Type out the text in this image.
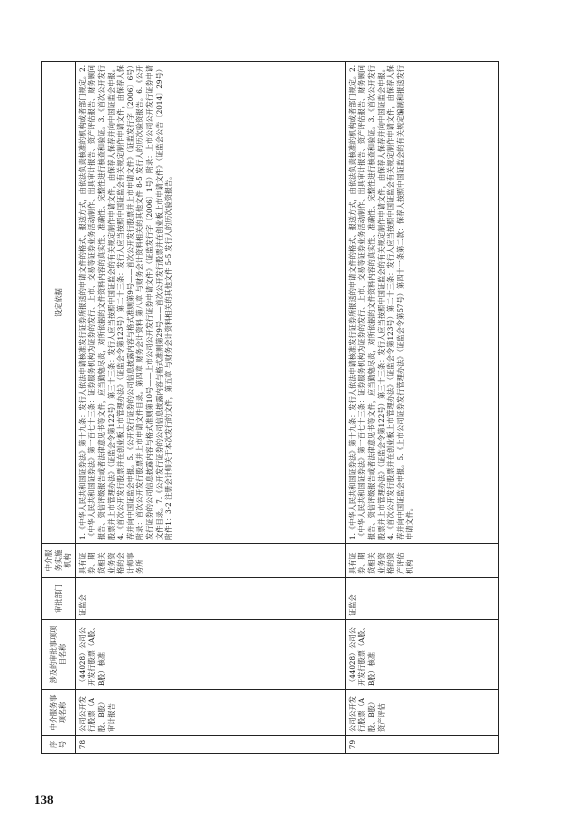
138
序号	中介服务事项名称	涉及的审批事项项目名称	审批部门	中介服务实施机构	设定依据
78	公司公开发行股票（A股、B股）审计报告	（44028）公司公开发行股票（A股、B股）核准	证监会	具有证券、期货相关业务资格的会计师事务所	1.《中华人民共和国证券法》第十九条：发行人依法申请核准发行证券所报送的申请文件的格式、报送方式，由依法负责核准的机构或者部门规定。2.《中华人民共和国证券法》第一百七十三条：证券服务机构为证券的发行、上市、交易等证券业务活动制作、出具审计报告、资产评估报告、财务顾问报告、资信评级报告或者法律意见书等文件，应当勤勉尽责，对所依据的文件资料内容的真实性、准确性、完整性进行核查和验证。3.《首次公开发行股票并上市管理办法》（证监会令第122号）第三十三条：发行人应当按照中国证监会的有关规定制作申请文件，由保荐人保荐并向中国证监会申报。4.《首次公开发行股票并在创业板上市管理办法》（证监会令第123号）第二十三条：发行人应当按照中国证监会有关规定制作申请文件，由保荐人保荐并向中国证监会申报。5.《公开发行证券的公司信息披露内容与格式准则第9号——首次公开发行股票并上市申请文件》（证监发行字〔2006〕6号）附录：首次公开发行股票并上市申请文件目录。第四章 财务会计资料 第八章 与财务会计资料相关的其他文件 8-5 发行人的历次验资报告。6.《公开发行证券的公司信息披露内容与格式准则第10号——上市公司公开发行证券申请文件》（证监发行字〔2006〕1号）附录：上市公司公开发行证券申请文件目录。7.《公开发行证券的公司信息披露内容与格式准则第29号——首次公开发行股票并在创业板上市申请文件》（证监会公告〔2014〕29号）附件1：3-2 注册会计师关于本次发行的文件，第五章 与财务会计资料相关的其他文件 5-5 发行人的历次验资报告。
79	公司公开发行股票（A股、B股）资产评估	（44028）公司公开发行股票（A股、B股）核准	证监会	具有证券、期货相关业务资格的资产评估机构	1.《中华人民共和国证券法》第十九条：发行人依法申请核准发行证券所报送的申请文件的格式、报送方式，由依法负责核准的机构或者部门规定。2.《中华人民共和国证券法》第一百七十三条：证券服务机构为证券的发行、上市、交易等证券业务活动制作、出具审计报告、资产评估报告、财务顾问报告、资信评级报告或者法律意见书等文件，应当勤勉尽责，对所依据的文件资料内容的真实性、准确性、完整性进行核查和验证。3.《首次公开发行股票并上市管理办法》（证监会令第122号）第三十三条：发行人应当按照中国证监会的有关规定制作申请文件，由保荐人保荐并向中国证监会申报。4.《首次公开发行股票并在创业板上市管理办法》（证监会令第123号）第二十三条：发行人应当按照中国证监会有关规定制作申请文件，由保荐人保荐并向中国证监会申报。5.《上市公司证券发行管理办法》（证监会令第57号）第四十一条第二款：保荐人按照中国证监会的有关规定编制和报送发行申请文件。
